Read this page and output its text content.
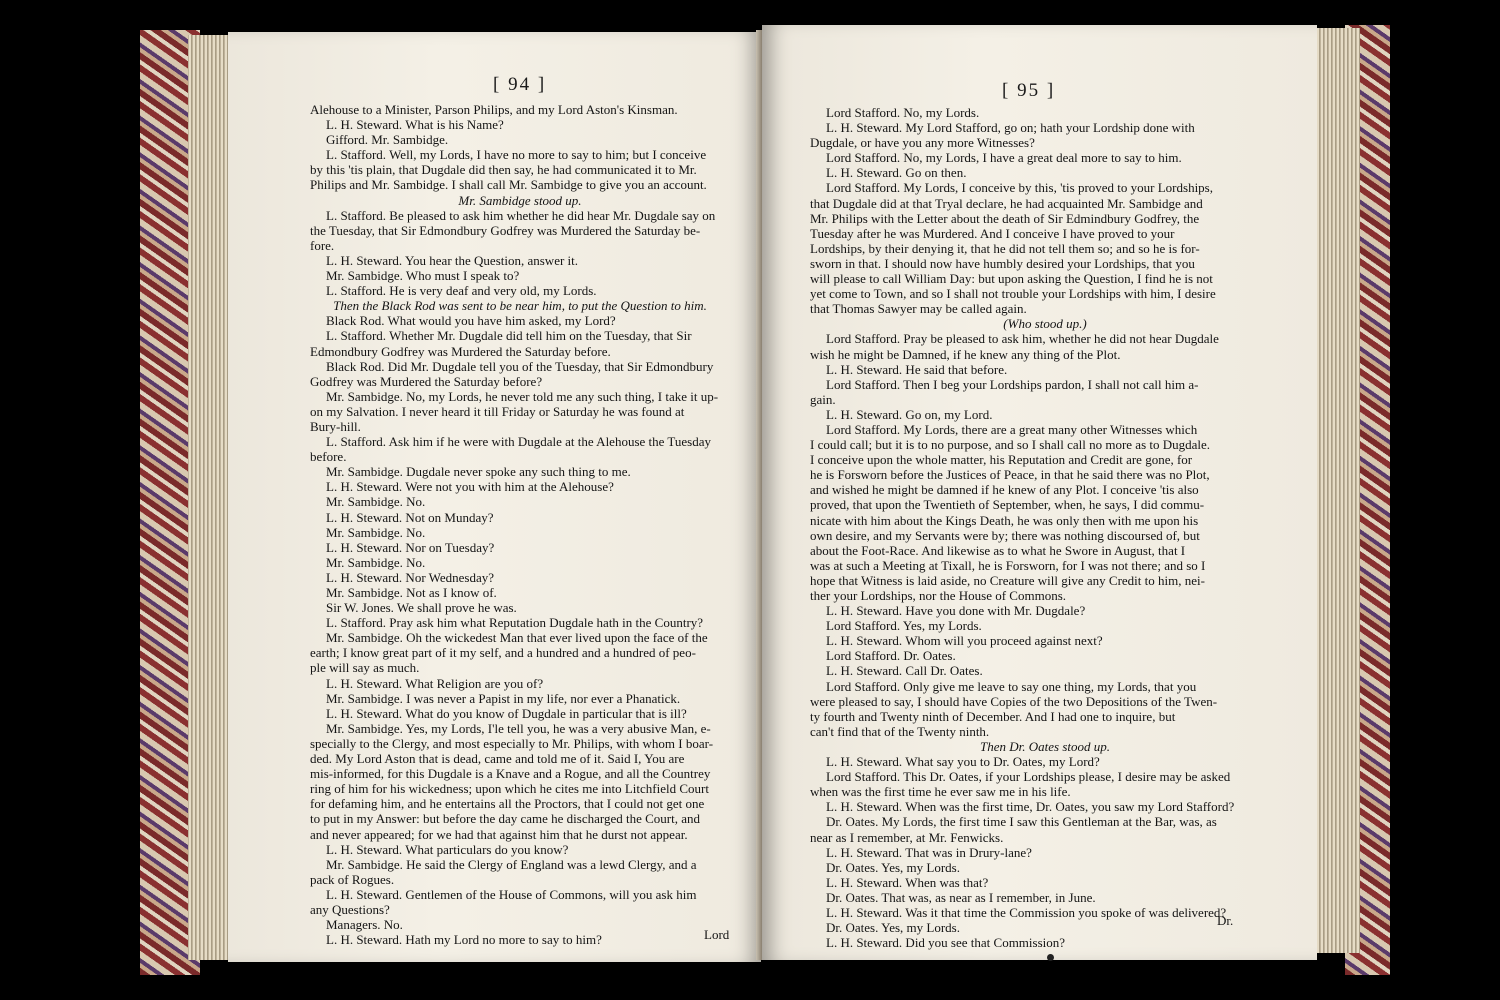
[ 94 ]

Alehouse to a Minister, Parson Philips, and my Lord Aston's Kinsman.

L. H. Steward. What is his Name?

Gifford. Mr. Sambidge.

L. Stafford. Well, my Lords, I have no more to say to him; but I conceive

by this 'tis plain, that Dugdale did then say, he had communicated it to Mr.

Philips and Mr. Sambidge. I shall call Mr. Sambidge to give you an account.

Mr. Sambidge stood up.

L. Stafford. Be pleased to ask him whether he did hear Mr. Dugdale say on

the Tuesday, that Sir Edmondbury Godfrey was Murdered the Saturday be-

fore.

L. H. Steward. You hear the Question, answer it.

Mr. Sambidge. Who must I speak to?

L. Stafford. He is very deaf and very old, my Lords.

Then the Black Rod was sent to be near him, to put the Question to him.

Black Rod. What would you have him asked, my Lord?

L. Stafford. Whether Mr. Dugdale did tell him on the Tuesday, that Sir

Edmondbury Godfrey was Murdered the Saturday before.

Black Rod. Did Mr. Dugdale tell you of the Tuesday, that Sir Edmondbury

Godfrey was Murdered the Saturday before?

Mr. Sambidge. No, my Lords, he never told me any such thing, I take it up-

on my Salvation. I never heard it till Friday or Saturday he was found at

Bury-hill.

L. Stafford. Ask him if he were with Dugdale at the Alehouse the Tuesday

before.

Mr. Sambidge. Dugdale never spoke any such thing to me.

L. H. Steward. Were not you with him at the Alehouse?

Mr. Sambidge. No.

L. H. Steward. Not on Munday?

Mr. Sambidge. No.

L. H. Steward. Nor on Tuesday?

Mr. Sambidge. No.

L. H. Steward. Nor Wednesday?

Mr. Sambidge. Not as I know of.

Sir W. Jones. We shall prove he was.

L. Stafford. Pray ask him what Reputation Dugdale hath in the Country?

Mr. Sambidge. Oh the wickedest Man that ever lived upon the face of the

earth; I know great part of it my self, and a hundred and a hundred of peo-

ple will say as much.

L. H. Steward. What Religion are you of?

Mr. Sambidge. I was never a Papist in my life, nor ever a Phanatick.

L. H. Steward. What do you know of Dugdale in particular that is ill?

Mr. Sambidge. Yes, my Lords, I'le tell you, he was a very abusive Man, e-

specially to the Clergy, and most especially to Mr. Philips, with whom I boar-

ded. My Lord Aston that is dead, came and told me of it. Said I, You are

mis-informed, for this Dugdale is a Knave and a Rogue, and all the Countrey

ring of him for his wickedness; upon which he cites me into Litchfield Court

for defaming him, and he entertains all the Proctors, that I could not get one

to put in my Answer: but before the day came he discharged the Court, and

and never appeared; for we had that against him that he durst not appear.

L. H. Steward. What particulars do you know?

Mr. Sambidge. He said the Clergy of England was a lewd Clergy, and a

pack of Rogues.

L. H. Steward. Gentlemen of the House of Commons, will you ask him

any Questions?

Managers. No.

L. H. Steward. Hath my Lord no more to say to him?	Lord
[ 95 ]

Lord Stafford. No, my Lords.

L. H. Steward. My Lord Stafford, go on; hath your Lordship done with

Dugdale, or have you any more Witnesses?

Lord Stafford. No, my Lords, I have a great deal more to say to him.

L. H. Steward. Go on then.

Lord Stafford. My Lords, I conceive by this, 'tis proved to your Lordships,

that Dugdale did at that Tryal declare, he had acquainted Mr. Sambidge and

Mr. Philips with the Letter about the death of Sir Edmindbury Godfrey, the

Tuesday after he was Murdered. And I conceive I have proved to your

Lordships, by their denying it, that he did not tell them so; and so he is for-

sworn in that. I should now have humbly desired your Lordships, that you

will please to call William Day: but upon asking the Question, I find he is not

yet come to Town, and so I shall not trouble your Lordships with him, I desire

that Thomas Sawyer may be called again.

(Who stood up.)

Lord Stafford. Pray be pleased to ask him, whether he did not hear Dugdale

wish he might be Damned, if he knew any thing of the Plot.

L. H. Steward. He said that before.

Lord Stafford. Then I beg your Lordships pardon, I shall not call him a-

gain.

L. H. Steward. Go on, my Lord.

Lord Stafford. My Lords, there are a great many other Witnesses which

I could call; but it is to no purpose, and so I shall call no more as to Dugdale.

I conceive upon the whole matter, his Reputation and Credit are gone, for

he is Forsworn before the Justices of Peace, in that he said there was no Plot,

and wished he might be damned if he knew of any Plot. I conceive 'tis also

proved, that upon the Twentieth of September, when, he says, I did commu-

nicate with him about the Kings Death, he was only then with me upon his

own desire, and my Servants were by; there was nothing discoursed of, but

about the Foot-Race. And likewise as to what he Swore in August, that I

was at such a Meeting at Tixall, he is Forsworn, for I was not there; and so I

hope that Witness is laid aside, no Creature will give any Credit to him, nei-

ther your Lordships, nor the House of Commons.

L. H. Steward. Have you done with Mr. Dugdale?

Lord Stafford. Yes, my Lords.

L. H. Steward. Whom will you proceed against next?

Lord Stafford. Dr. Oates.

L. H. Steward. Call Dr. Oates.

Lord Stafford. Only give me leave to say one thing, my Lords, that you

were pleased to say, I should have Copies of the two Depositions of the Twen-

ty fourth and Twenty ninth of December. And I had one to inquire, but

can't find that of the Twenty ninth.

Then Dr. Oates stood up.

L. H. Steward. What say you to Dr. Oates, my Lord?

Lord Stafford. This Dr. Oates, if your Lordships please, I desire may be asked

when was the first time he ever saw me in his life.

L. H. Steward. When was the first time, Dr. Oates, you saw my Lord Stafford?

Dr. Oates. My Lords, the first time I saw this Gentleman at the Bar, was, as

near as I remember, at Mr. Fenwicks.

L. H. Steward. That was in Drury-lane?

Dr. Oates. Yes, my Lords.

L. H. Steward. When was that?

Dr. Oates. That was, as near as I remember, in June.

L. H. Steward. Was it that time the Commission you spoke of was delivered?

Dr. Oates. Yes, my Lords.

L. H. Steward. Did you see that Commission?

Dr.
